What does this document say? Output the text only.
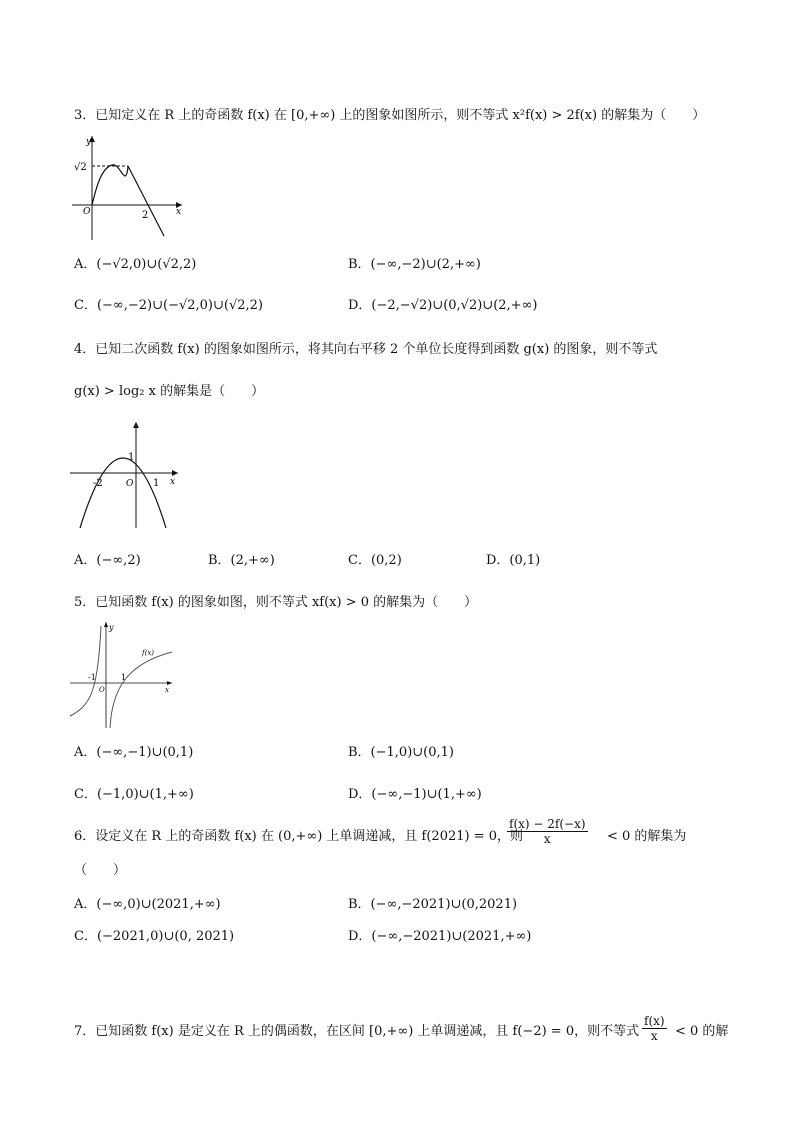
3．已知定义在 R 上的奇函数 f(x) 在 [0,+∞) 上的图象如图所示，则不等式 x²f(x) > 2f(x) 的解集为（　　）
y
x
O
√2
2
A．(−√2,0)∪(√2,2)	B．(−∞,−2)∪(2,+∞)
C．(−∞,−2)∪(−√2,0)∪(√2,2)	D．(−2,−√2)∪(0,√2)∪(2,+∞)
4．已知二次函数 f(x) 的图象如图所示，将其向右平移 2 个单位长度得到函数 g(x) 的图象，则不等式
g(x) > log₂ x 的解集是（　　）
1
-2	O 1 x
A．(−∞,2)	B．(2,+∞)	C．(0,2)	D．(0,1)
5．已知函数 f(x) 的图象如图，则不等式 xf(x) > 0 的解集为（　　）
y
f(x)
-1	1
O	x
A．(−∞,−1)∪(0,1)	B．(−1,0)∪(0,1)
C．(−1,0)∪(1,+∞)	D．(−∞,−1)∪(1,+∞)
6．设定义在 R 上的奇函数 f(x) 在 (0,+∞) 上单调递减，且 f(2021) = 0，则
$\frac{f(x) - 2f(-x)}{x} < 0$ 的解集为
（　　）
A．(−∞,0)∪(2021,+∞)	B．(−∞,−2021)∪(0,2021)
C．(−2021,0)∪(0, 2021)	D．(−∞,−2021)∪(2021,+∞)
7．已知函数 f(x) 是定义在 R 上的偶函数，在区间 [0,+∞) 上单调递减，且 f(−2) = 0，则不等式 $\frac{f(x)}{x} < 0$ 的解
